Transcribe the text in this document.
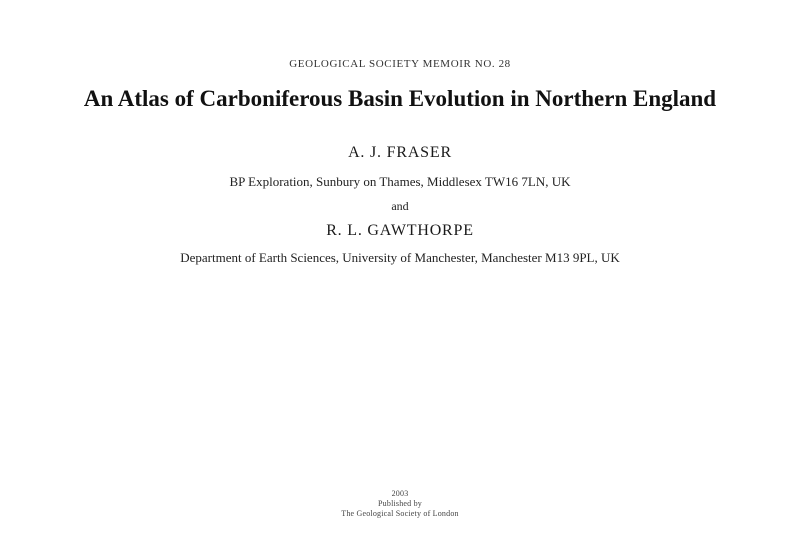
GEOLOGICAL SOCIETY MEMOIR NO. 28
An Atlas of Carboniferous Basin Evolution in Northern England
A. J. FRASER
BP Exploration, Sunbury on Thames, Middlesex TW16 7LN, UK
and
R. L. GAWTHORPE
Department of Earth Sciences, University of Manchester, Manchester M13 9PL, UK
2003
Published by
The Geological Society of London
